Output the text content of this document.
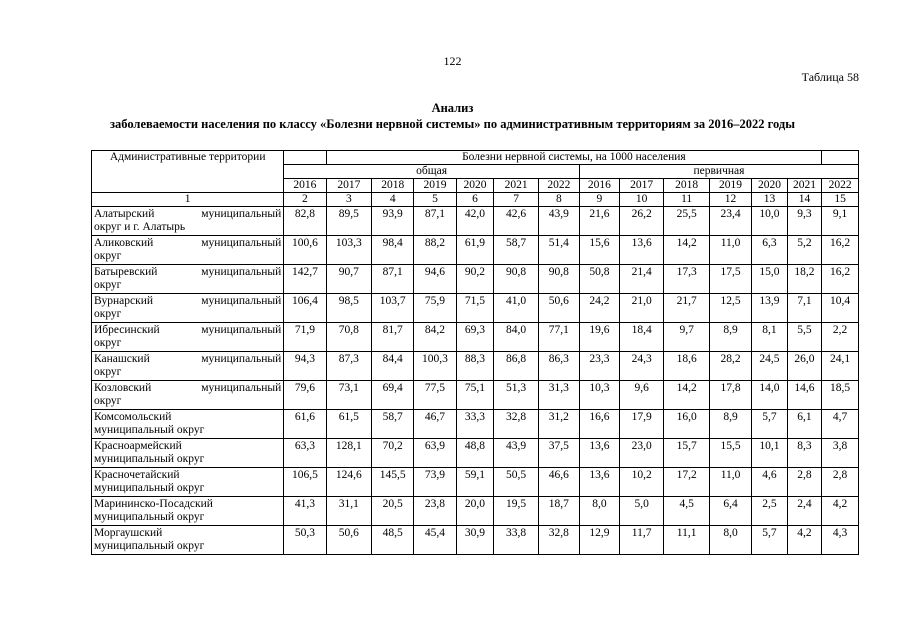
122
Таблица 58
Анализ
заболеваемости населения по классу «Болезни нервной системы» по административным территориям за 2016–2022 годы
Административные территории		Болезни нервной системы, на 1000 населения												
	общая							первичная						
	2016	2017	2018	2019	2020	2021	2022	2016	2017	2018	2019	2020	2021	2022
1	2	3	4	5	6	7	8	9	10	11	12	13	14	15

Алатырский муниципальный
округ и г. Алатырь	82,8	89,5	93,9	87,1	42,0	42,6	43,9	21,6	26,2	25,5	23,4	10,0	9,3	9,1

Аликовский муниципальный
округ	100,6	103,3	98,4	88,2	61,9	58,7	51,4	15,6	13,6	14,2	11,0	6,3	5,2	16,2

Батыревский муниципальный
округ	142,7	90,7	87,1	94,6	90,2	90,8	90,8	50,8	21,4	17,3	17,5	15,0	18,2	16,2

Вурнарский муниципальный
округ	106,4	98,5	103,7	75,9	71,5	41,0	50,6	24,2	21,0	21,7	12,5	13,9	7,1	10,4

Ибресинский муниципальный
округ	71,9	70,8	81,7	84,2	69,3	84,0	77,1	19,6	18,4	9,7	8,9	8,1	5,5	2,2

Канашский муниципальный
округ	94,3	87,3	84,4	100,3	88,3	86,8	86,3	23,3	24,3	18,6	28,2	24,5	26,0	24,1

Козловский муниципальный
округ	79,6	73,1	69,4	77,5	75,1	51,3	31,3	10,3	9,6	14,2	17,8	14,0	14,6	18,5

Комсомольский
муниципальный округ	61,6	61,5	58,7	46,7	33,3	32,8	31,2	16,6	17,9	16,0	8,9	5,7	6,1	4,7

Красноармейский
муниципальный округ	63,3	128,1	70,2	63,9	48,8	43,9	37,5	13,6	23,0	15,7	15,5	10,1	8,3	3,8

Красночетайский
муниципальный округ	106,5	124,6	145,5	73,9	59,1	50,5	46,6	13,6	10,2	17,2	11,0	4,6	2,8	2,8

Марининско-Посадский
муниципальный округ	41,3	31,1	20,5	23,8	20,0	19,5	18,7	8,0	5,0	4,5	6,4	2,5	2,4	4,2

Моргаушский
муниципальный округ	50,3	50,6	48,5	45,4	30,9	33,8	32,8	12,9	11,7	11,1	8,0	5,7	4,2	4,3
